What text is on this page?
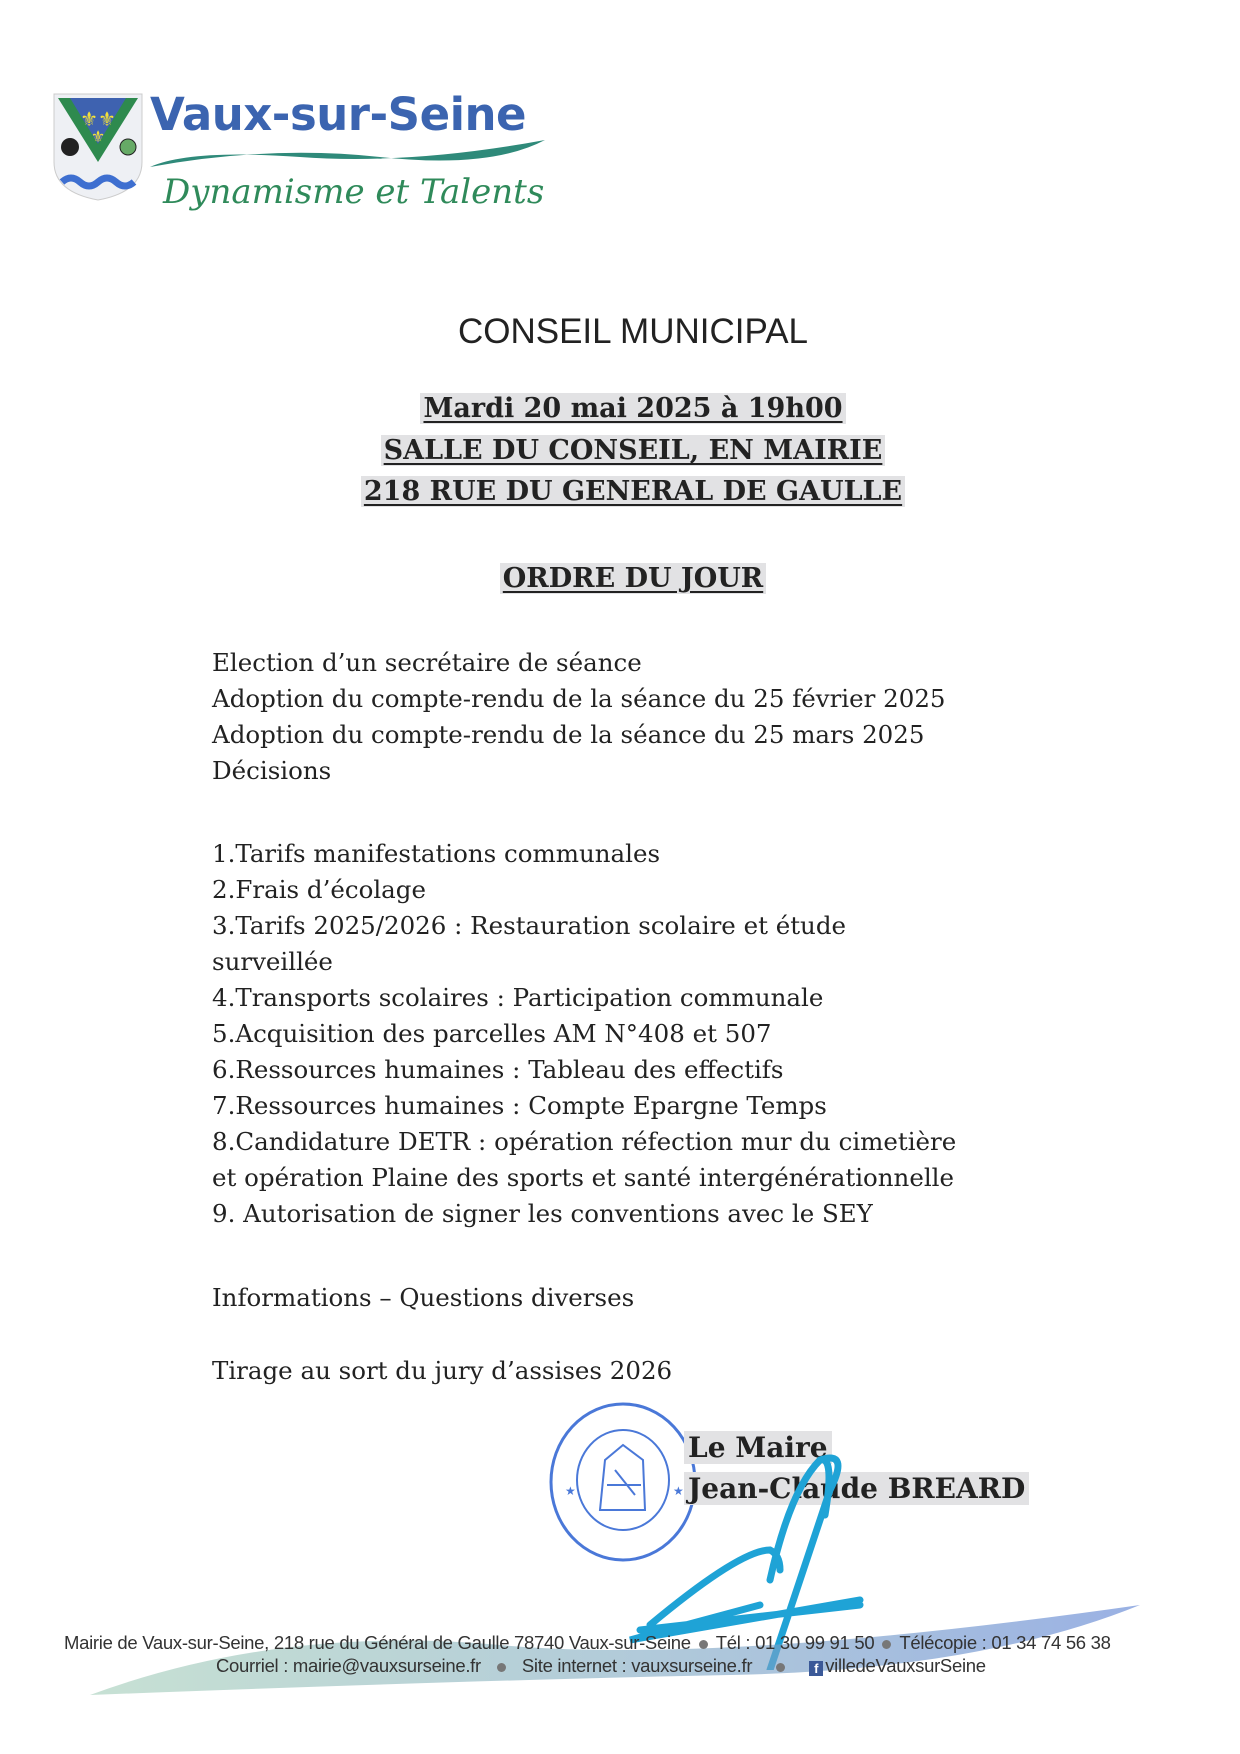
⚜⚜
⚜ Vaux-sur-Seine
Dynamisme et Talents
CONSEIL MUNICIPAL
Mardi 20 mai 2025 à 19h00
SALLE DU CONSEIL, EN MAIRIE
218 RUE DU GENERAL DE GAULLE
ORDRE DU JOUR
Election d’un secrétaire de séance
Adoption du compte-rendu de la séance du 25 février 2025
Adoption du compte-rendu de la séance du 25 mars 2025
Décisions
1.Tarifs manifestations communales
2.Frais d’écolage
3.Tarifs 2025/2026 : Restauration scolaire et étude
surveillée
4.Transports scolaires : Participation communale
5.Acquisition des parcelles AM N°408 et 507
6.Ressources humaines : Tableau des effectifs
7.Ressources humaines : Compte Epargne Temps
8.Candidature DETR : opération réfection mur du cimetière
et opération Plaine des sports et santé intergénérationnelle
9. Autorisation de signer les conventions avec le SEY
Informations – Questions diverses
Tirage au sort du jury d’assises 2026
★	★
Le Maire
Jean-Claude BREARD
Mairie de Vaux-sur-Seine, 218 rue du Général de Gaulle 78740 Vaux-sur-Seine Tél : 01 30 99 91 50 Télécopie : 01 34 74 56 38
Courriel : mairie@vauxsurseine.fr Site internet : vauxsurseine.fr	f villedeVauxsurSeine
